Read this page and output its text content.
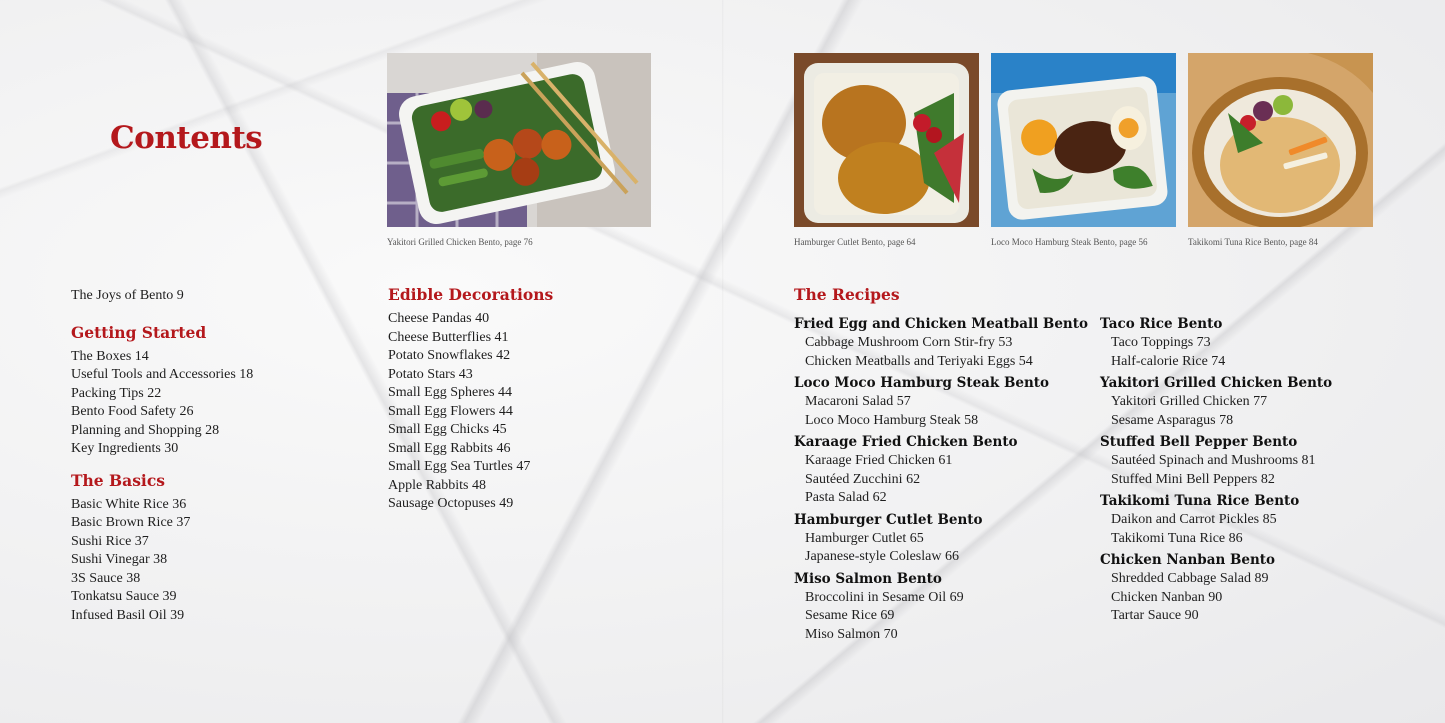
Contents
Yakitori Grilled Chicken Bento, page 76	Hamburger Cutlet Bento, page 64	Loco Moco Hamburg Steak Bento, page 56	Takikomi Tuna Rice Bento, page 84

The Joys of Bento 9

Getting Started

The Boxes 14

Useful Tools and Accessories 18

Packing Tips 22

Bento Food Safety 26

Planning and Shopping 28

Key Ingredients 30

The Basics

Basic White Rice 36

Basic Brown Rice 37

Sushi Rice 37

Sushi Vinegar 38

3S Sauce 38

Tonkatsu Sauce 39

Infused Basil Oil 39

Edible Decorations

Cheese Pandas 40

Cheese Butterflies 41

Potato Snowflakes 42

Potato Stars 43

Small Egg Spheres 44

Small Egg Flowers 44

Small Egg Chicks 45

Small Egg Rabbits 46

Small Egg Sea Turtles 47

Apple Rabbits 48

Sausage Octopuses 49

The Recipes
Fried Egg and Chicken Meatball Bento

Cabbage Mushroom Corn Stir-fry 53

Chicken Meatballs and Teriyaki Eggs 54

Loco Moco Hamburg Steak Bento

Macaroni Salad 57

Loco Moco Hamburg Steak 58

Karaage Fried Chicken Bento

Karaage Fried Chicken 61

Sautéed Zucchini 62

Pasta Salad 62

Hamburger Cutlet Bento

Hamburger Cutlet 65

Japanese-style Coleslaw 66

Miso Salmon Bento

Broccolini in Sesame Oil 69

Sesame Rice 69

Miso Salmon 70

Taco Rice Bento

Taco Toppings 73

Half-calorie Rice 74

Yakitori Grilled Chicken Bento

Yakitori Grilled Chicken 77

Sesame Asparagus 78

Stuffed Bell Pepper Bento

Sautéed Spinach and Mushrooms 81

Stuffed Mini Bell Peppers 82

Takikomi Tuna Rice Bento

Daikon and Carrot Pickles 85

Takikomi Tuna Rice 86

Chicken Nanban Bento

Shredded Cabbage Salad 89

Chicken Nanban 90

Tartar Sauce 90
